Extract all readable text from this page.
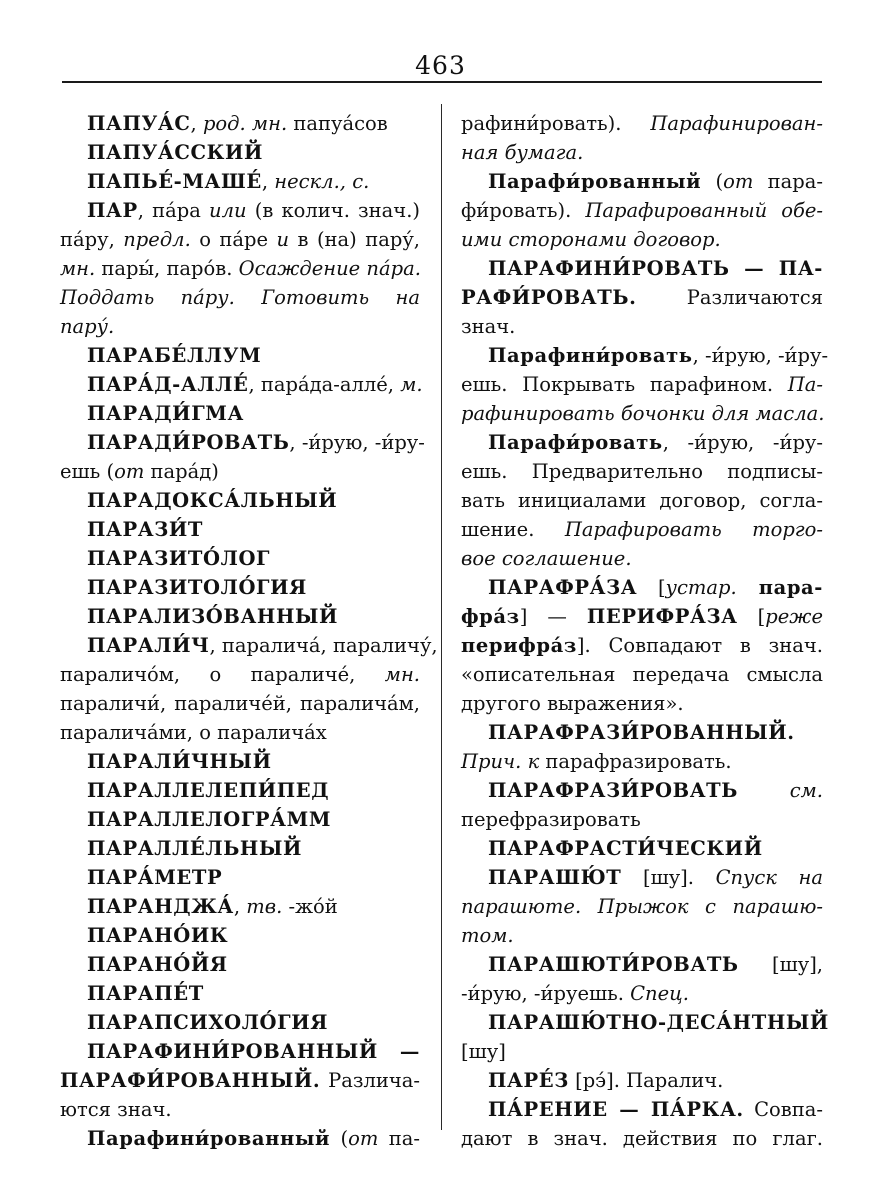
463
ПАПУА́С, род. мн. папуа́сов
ПАПУА́ССКИЙ
ПАПЬЕ́-МАШЕ́, нескл., с.
ПАР, па́ра или (в колич. знач.)
па́ру, предл. о па́ре и в (на) пару́,
мн. пары́, паро́в. Осаждение па́ра.
Поддать па́ру. Готовить на
пару́.
ПАРАБЕ́ЛЛУМ
ПАРА́Д-АЛЛЕ́, пара́да-алле́, м.
ПАРАДИ́ГМА
ПАРАДИ́РОВАТЬ, -и́рую, -и́ру-
ешь (от пара́д)
ПАРАДОКСА́ЛЬНЫЙ
ПАРАЗИ́Т
ПАРАЗИТО́ЛОГ
ПАРАЗИТОЛО́ГИЯ
ПАРАЛИЗО́ВАННЫЙ
ПАРАЛИ́Ч, паралича́, параличу́,
параличо́м, о параличе́, мн.
параличи́, параличе́й, паралича́м,
паралича́ми, о паралича́х
ПАРАЛИ́ЧНЫЙ
ПАРАЛЛЕЛЕПИ́ПЕД
ПАРАЛЛЕЛОГРА́ММ
ПАРАЛЛЕ́ЛЬНЫЙ
ПАРА́МЕТР
ПАРАНДЖА́, тв. -жо́й
ПАРАНО́ИК
ПАРАНО́ЙЯ
ПАРАПЕ́Т
ПАРАПСИХОЛО́ГИЯ
ПАРАФИНИ́РОВАННЫЙ —
ПАРАФИ́РОВАННЫЙ. Различа-
ются знач.
Парафини́рованный (от па-
рафини́ровать). Парафинирован-
ная бумага.
Парафи́рованный (от пара-
фи́ровать). Парафированный обе-
ими сторонами договор.
ПАРАФИНИ́РОВАТЬ — ПА-
РАФИ́РОВАТЬ. Различаются
знач.
Парафини́ровать, -и́рую, -и́ру-
ешь. Покрывать парафином. Па-
рафинировать бочонки для масла.
Парафи́ровать, -и́рую, -и́ру-
ешь. Предварительно подписы-
вать инициалами договор, согла-
шение. Парафировать торго-
вое соглашение.
ПАРАФРА́ЗА [устар. пара-
фра́з] — ПЕРИФРА́ЗА [реже
перифра́з]. Совпадают в знач.
«описательная передача смысла
другого выражения».
ПАРАФРАЗИ́РОВАННЫЙ.
Прич. к парафразировать.
ПАРАФРАЗИ́РОВАТЬ	см.
перефразировать
ПАРАФРАСТИ́ЧЕСКИЙ
ПАРАШЮ́Т [шу]. Спуск на
парашюте. Прыжок с парашю-
том.
ПАРАШЮТИ́РОВАТЬ [шу],
-и́рую, -и́руешь. Спец.
ПАРАШЮ́ТНО-ДЕСА́НТНЫЙ
[шу]
ПАРЕ́З [рэ́]. Паралич.
ПА́РЕНИЕ — ПА́РКА. Совпа-
дают в знач. действия по глаг.
